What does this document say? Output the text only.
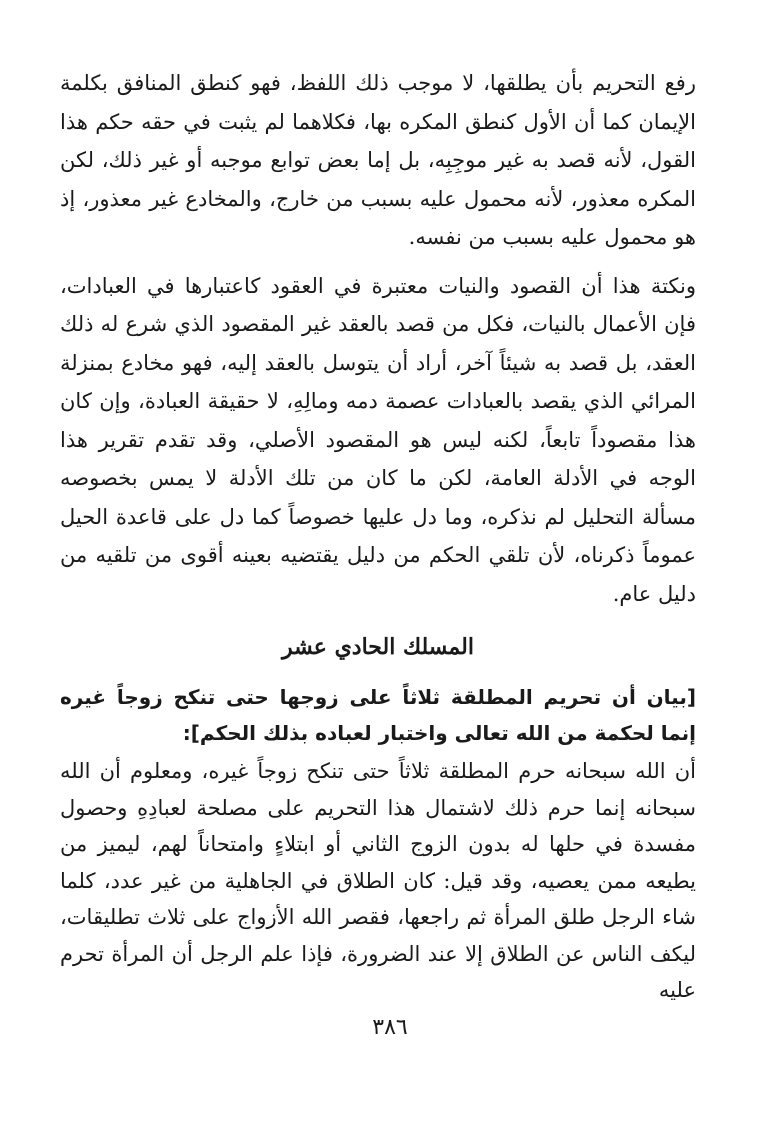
رفع التحريم بأن يطلقها، لا موجب ذلك اللفظ، فهو كنطق المنافق بكلمة الإيمان كما أن الأول كنطق المكره بها، فكلاهما لم يثبت في حقه حكم هذا القول، لأنه قصد به غير موجِبِه، بل إما بعض توابع موجبه أو غير ذلك، لكن المكره معذور، لأنه محمول عليه بسبب من خارج، والمخادع غير معذور، إذ هو محمول عليه بسبب من نفسه.

ونكتة هذا أن القصود والنيات معتبرة في العقود كاعتبارها في العبادات، فإن الأعمال بالنيات، فكل من قصد بالعقد غير المقصود الذي شرع له ذلك العقد، بل قصد به شيئاً آخر، أراد أن يتوسل بالعقد إليه، فهو مخادع بمنزلة المرائي الذي يقصد بالعبادات عصمة دمه ومالِهِ، لا حقيقة العبادة، وإن كان هذا مقصوداً تابعاً، لكنه ليس هو المقصود الأصلي، وقد تقدم تقرير هذا الوجه في الأدلة العامة، لكن ما كان من تلك الأدلة لا يمس بخصوصه مسألة التحليل لم نذكره، وما دل عليها خصوصاً كما دل على قاعدة الحيل عموماً ذكرناه، لأن تلقي الحكم من دليل يقتضيه بعينه أقوى من تلقيه من دليل عام.

المسلك الحادي عشر
[بيان أن تحريم المطلقة ثلاثاً على زوجها حتى تنكح زوجاً غيره إنما لحكمة من الله تعالى واختبار لعباده بذلك الحكم]:

أن الله سبحانه حرم المطلقة ثلاثاً حتى تنكح زوجاً غيره، ومعلوم أن الله سبحانه إنما حرم ذلك لاشتمال هذا التحريم على مصلحة لعبادِهِ وحصول مفسدة في حلها له بدون الزوج الثاني أو ابتلاءٍ وامتحاناً لهم، ليميز من يطيعه ممن يعصيه، وقد قيل: كان الطلاق في الجاهلية من غير عدد، كلما شاء الرجل طلق المرأة ثم راجعها، فقصر الله الأزواج على ثلاث تطليقات، ليكف الناس عن الطلاق إلا عند الضرورة، فإذا علم الرجل أن المرأة تحرم عليه

٣٨٦
